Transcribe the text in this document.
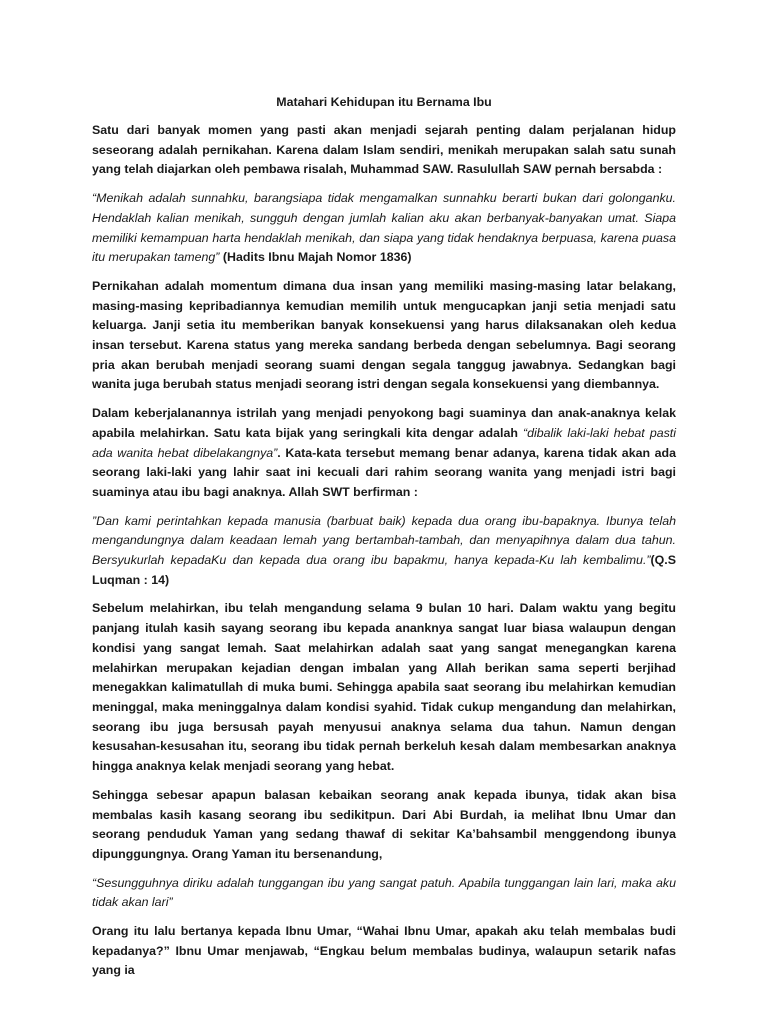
Matahari Kehidupan itu Bernama Ibu

Satu dari banyak momen yang pasti akan menjadi sejarah penting dalam perjalanan hidup seseorang adalah pernikahan. Karena dalam Islam sendiri, menikah merupakan salah satu sunah yang telah diajarkan oleh pembawa risalah, Muhammad SAW. Rasulullah SAW pernah bersabda :

“Menikah adalah sunnahku, barangsiapa tidak mengamalkan sunnahku berarti bukan dari golonganku. Hendaklah kalian menikah, sungguh dengan jumlah kalian aku akan berbanyak-banyakan umat. Siapa memiliki kemampuan harta hendaklah menikah, dan siapa yang tidak hendaknya berpuasa, karena puasa itu merupakan tameng” (Hadits Ibnu Majah Nomor 1836)

Pernikahan adalah momentum dimana dua insan yang memiliki masing-masing latar belakang, masing-masing kepribadiannya kemudian memilih untuk mengucapkan janji setia menjadi satu keluarga. Janji setia itu memberikan banyak konsekuensi yang harus dilaksanakan oleh kedua insan tersebut. Karena status yang mereka sandang berbeda dengan sebelumnya. Bagi seorang pria akan berubah menjadi seorang suami dengan segala tanggug jawabnya. Sedangkan bagi wanita juga berubah status menjadi seorang istri dengan segala konsekuensi yang diembannya.

Dalam keberjalanannya istrilah yang menjadi penyokong bagi suaminya dan anak-anaknya kelak apabila melahirkan. Satu kata bijak yang seringkali kita dengar adalah “dibalik laki-laki hebat pasti ada wanita hebat dibelakangnya”. Kata-kata tersebut memang benar adanya, karena tidak akan ada seorang laki-laki yang lahir saat ini kecuali dari rahim seorang wanita yang menjadi istri bagi suaminya atau ibu bagi anaknya. Allah SWT berfirman :

”Dan kami perintahkan kepada manusia (barbuat baik) kepada dua orang ibu-bapaknya. Ibunya telah mengandungnya dalam keadaan lemah yang bertambah-tambah, dan menyapihnya dalam dua tahun. Bersyukurlah kepadaKu dan kepada dua orang ibu bapakmu, hanya kepada-Ku lah kembalimu.”(Q.S Luqman : 14)

Sebelum melahirkan, ibu telah mengandung selama 9 bulan 10 hari. Dalam waktu yang begitu panjang itulah kasih sayang seorang ibu kepada ananknya sangat luar biasa walaupun dengan kondisi yang sangat lemah. Saat melahirkan adalah saat yang sangat menegangkan karena melahirkan merupakan kejadian dengan imbalan yang Allah berikan sama seperti berjihad menegakkan kalimatullah di muka bumi. Sehingga apabila saat seorang ibu melahirkan kemudian meninggal, maka meninggalnya dalam kondisi syahid. Tidak cukup mengandung dan melahirkan, seorang ibu juga bersusah payah menyusui anaknya selama dua tahun. Namun dengan kesusahan-kesusahan itu, seorang ibu tidak pernah berkeluh kesah dalam membesarkan anaknya hingga anaknya kelak menjadi seorang yang hebat.

Sehingga sebesar apapun balasan kebaikan seorang anak kepada ibunya, tidak akan bisa membalas kasih kasang seorang ibu sedikitpun. Dari Abi Burdah, ia melihat Ibnu Umar dan seorang penduduk Yaman yang sedang thawaf di sekitar Ka’bahsambil menggendong ibunya dipunggungnya. Orang Yaman itu bersenandung,

“Sesungguhnya diriku adalah tunggangan ibu yang sangat patuh. Apabila tunggangan lain lari, maka aku tidak akan lari”

Orang itu lalu bertanya kepada Ibnu Umar, “Wahai Ibnu Umar, apakah aku telah membalas budi kepadanya?” Ibnu Umar menjawab, “Engkau belum membalas budinya, walaupun setarik nafas yang ia
